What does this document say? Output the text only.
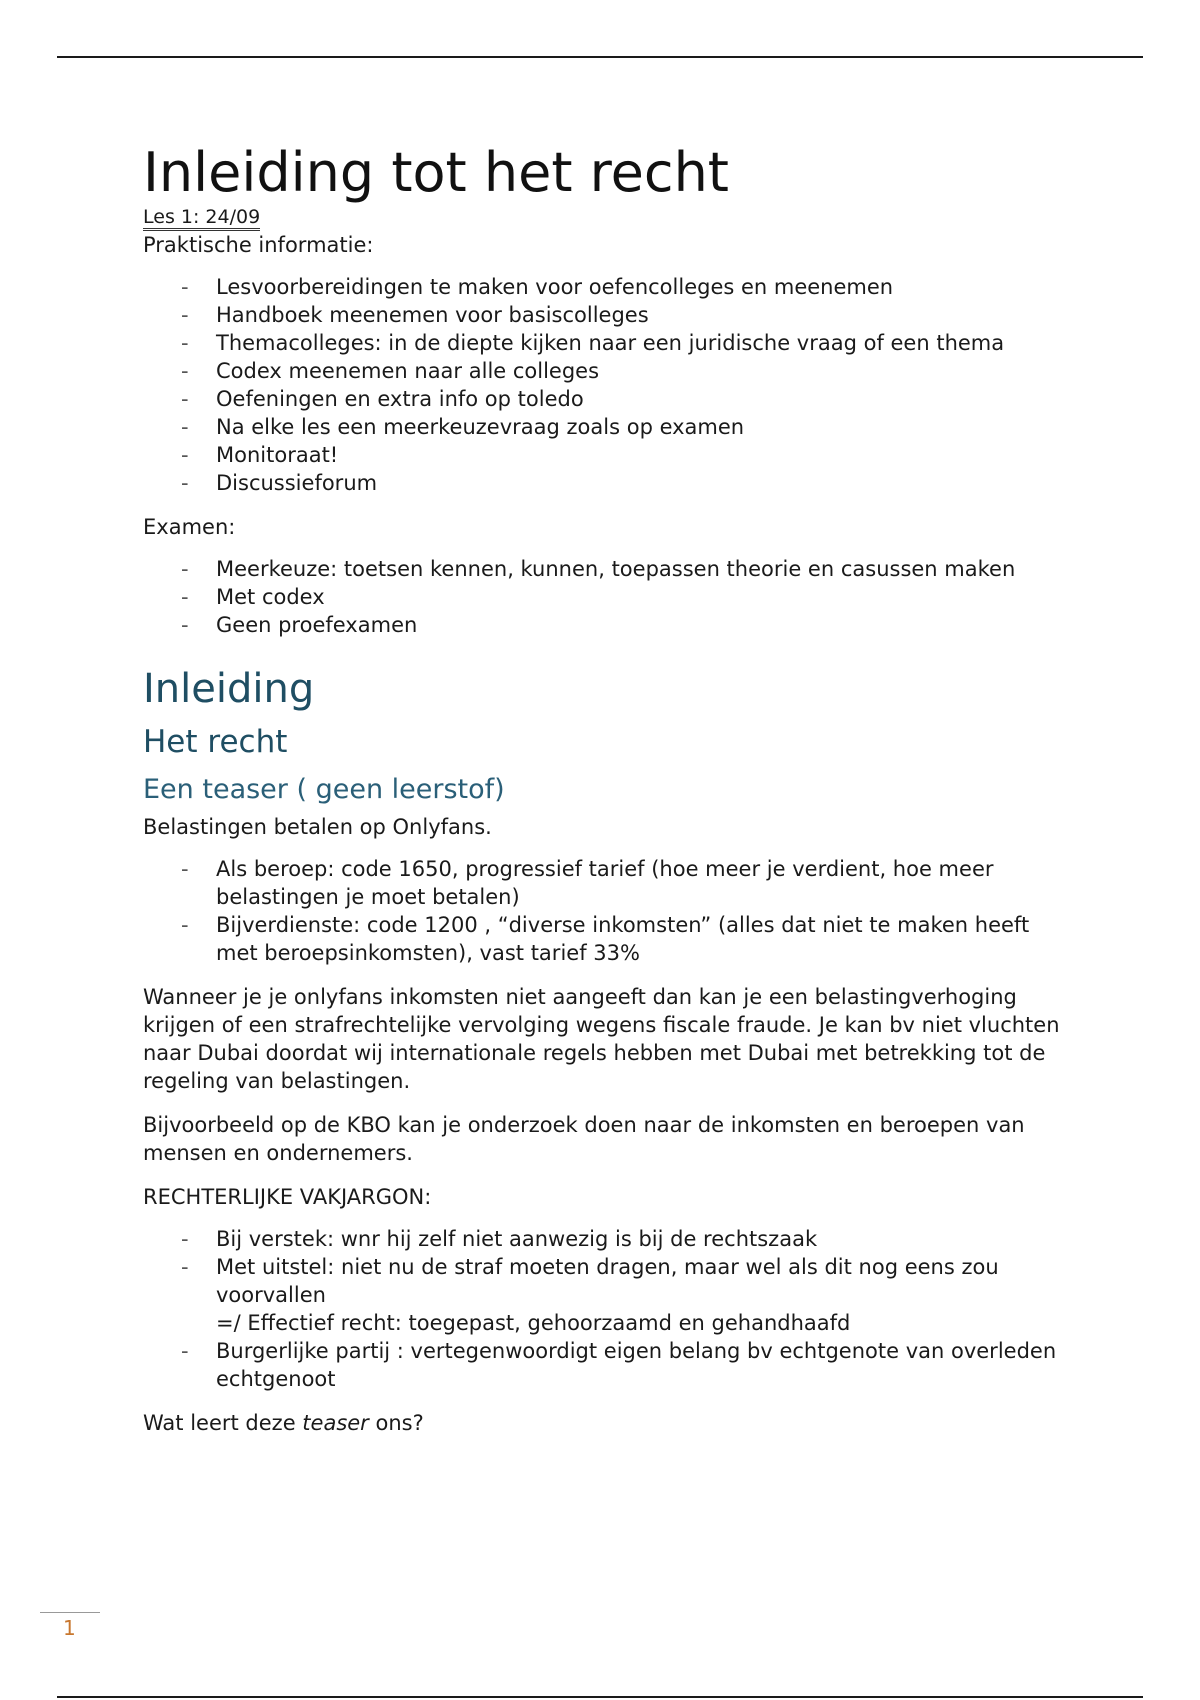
Inleiding tot het recht
Les 1: 24/09

Praktische informatie:

- Lesvoorbereidingen te maken voor oefencolleges en meenemen
- Handboek meenemen voor basiscolleges
- Themacolleges: in de diepte kijken naar een juridische vraag of een thema
- Codex meenemen naar alle colleges
- Oefeningen en extra info op toledo
- Na elke les een meerkeuzevraag zoals op examen
- Monitoraat!
- Discussieforum

Examen:

- Meerkeuze: toetsen kennen, kunnen, toepassen theorie en casussen maken
- Met codex
- Geen proefexamen
Inleiding
Het recht
Een teaser ( geen leerstof)

Belastingen betalen op Onlyfans.

- Als beroep: code 1650, progressief tarief (hoe meer je verdient, hoe meer belastingen je moet betalen)
- Bijverdienste: code 1200 , “diverse inkomsten” (alles dat niet te maken heeft met beroepsinkomsten), vast tarief 33%

Wanneer je je onlyfans inkomsten niet aangeeft dan kan je een belastingverhoging krijgen of een strafrechtelijke vervolging wegens fiscale fraude. Je kan bv niet vluchten naar Dubai doordat wij internationale regels hebben met Dubai met betrekking tot de regeling van belastingen.

Bijvoorbeeld op de KBO kan je onderzoek doen naar de inkomsten en beroepen van mensen en ondernemers.

RECHTERLIJKE VAKJARGON:

- Bij verstek: wnr hij zelf niet aanwezig is bij de rechtszaak
- Met uitstel: niet nu de straf moeten dragen, maar wel als dit nog eens zou voorvallen
=/ Effectief recht: toegepast, gehoorzaamd en gehandhaafd
- Burgerlijke partij : vertegenwoordigt eigen belang bv echtgenote van overleden echtgenoot

Wat leert deze teaser ons?

1
